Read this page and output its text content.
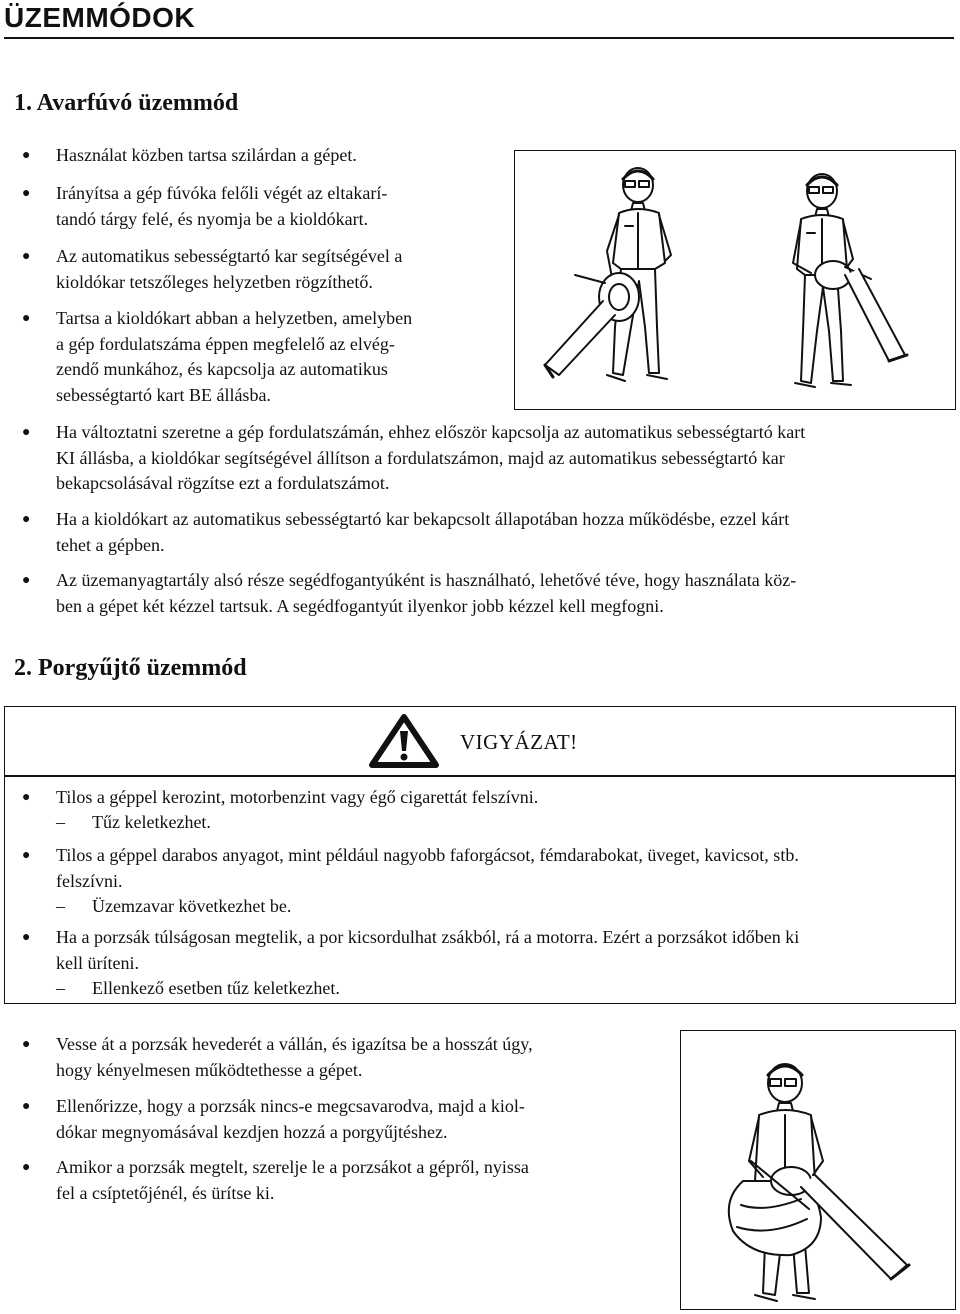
ÜZEMMÓDOK
1. Avarfúvó üzemmód
● Használat közben tartsa szilárdan a gépet.
● Irányítsa a gép fúvóka felőli végét az eltakarí-
tandó tárgy felé, és nyomja be a kioldókart.
● Az automatikus sebességtartó kar segítségével a
kioldókar tetszőleges helyzetben rögzíthető.
● Tartsa a kioldókart abban a helyzetben, amelyben
a gép fordulatszáma éppen megfelelő az elvég-
zendő munkához, és kapcsolja az automatikus
sebességtartó kart BE állásba.
● Ha változtatni szeretne a gép fordulatszámán, ehhez először kapcsolja az automatikus sebességtartó kart
KI állásba, a kioldókar segítségével állítson a fordulatszámon, majd az automatikus sebességtartó kar
bekapcsolásával rögzítse ezt a fordulatszámot.
● Ha a kioldókart az automatikus sebességtartó kar bekapcsolt állapotában hozza működésbe, ezzel kárt
tehet a gépben.
● Az üzemanyagtartály alsó része segédfogantyúként is használható, lehetővé téve, hogy használata köz-
ben a gépet két kézzel tartsuk. A segédfogantyút ilyenkor jobb kézzel kell megfogni.
2. Porgyűjtő üzemmód
VIGYÁZAT!
● Tilos a géppel kerozint, motorbenzint vagy égő cigarettát felszívni.
– Tűz keletkezhet.
● Tilos a géppel darabos anyagot, mint például nagyobb faforgácsot, fémdarabokat, üveget, kavicsot, stb.
felszívni.
– Üzemzavar következhet be.
● Ha a porzsák túlságosan megtelik, a por kicsordulhat zsákból, rá a motorra. Ezért a porzsákot időben ki
kell üríteni.
– Ellenkező esetben tűz keletkezhet.
● Vesse át a porzsák hevederét a vállán, és igazítsa be a hosszát úgy,
hogy kényelmesen működtethesse a gépet.
● Ellenőrizze, hogy a porzsák nincs-e megcsavarodva, majd a kiol-
dókar megnyomásával kezdjen hozzá a porgyűjtéshez.
● Amikor a porzsák megtelt, szerelje le a porzsákot a gépről, nyissa
fel a csíptetőjénél, és ürítse ki.
